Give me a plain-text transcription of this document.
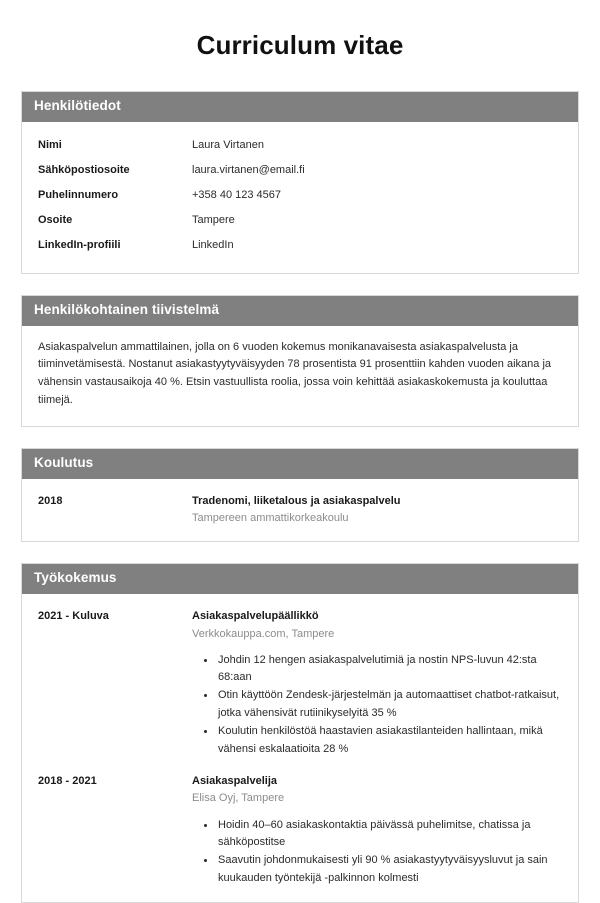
Curriculum vitae
Henkilötiedot
Nimi	Laura Virtanen
Sähköpostiosoite	laura.virtanen@email.fi
Puhelinnumero	+358 40 123 4567
Osoite	Tampere
LinkedIn-profiili	LinkedIn
Henkilökohtainen tiivistelmä

Asiakaspalvelun ammattilainen, jolla on 6 vuoden kokemus monikanavaisesta asiakaspalvelusta ja tiiminvetämisestä. Nostanut asiakastyytyväisyyden 78 prosentista 91 prosenttiin kahden vuoden aikana ja vähensin vastausaikoja 40 %. Etsin vastuullista roolia, jossa voin kehittää asiakaskokemusta ja kouluttaa tiimejä.

Koulutus
2018	Tradenomi, liiketalous ja asiakaspalvelu
Tampereen ammattikorkeakoulu
Työkokemus
2021 - Kuluva	Asiakaspalvelupäällikkö
Verkkokauppa.com, Tampere
Johdin 12 hengen asiakaspalvelutimiä ja nostin NPS-luvun 42:sta 68:aan
Otin käyttöön Zendesk-järjestelmän ja automaattiset chatbot-ratkaisut, jotka vähensivät rutiinikyselyitä 35 %
Koulutin henkilöstöä haastavien asiakastilanteiden hallintaan, mikä vähensi eskalaatioita 28 %
2018 - 2021	Asiakaspalvelija
Elisa Oyj, Tampere
Hoidin 40–60 asiakaskontaktia päivässä puhelimitse, chatissa ja sähköpostitse
Saavutin johdonmukaisesti yli 90 % asiakastyytyväisyysluvut ja sain kuukauden työntekijä -palkinnon kolmesti
